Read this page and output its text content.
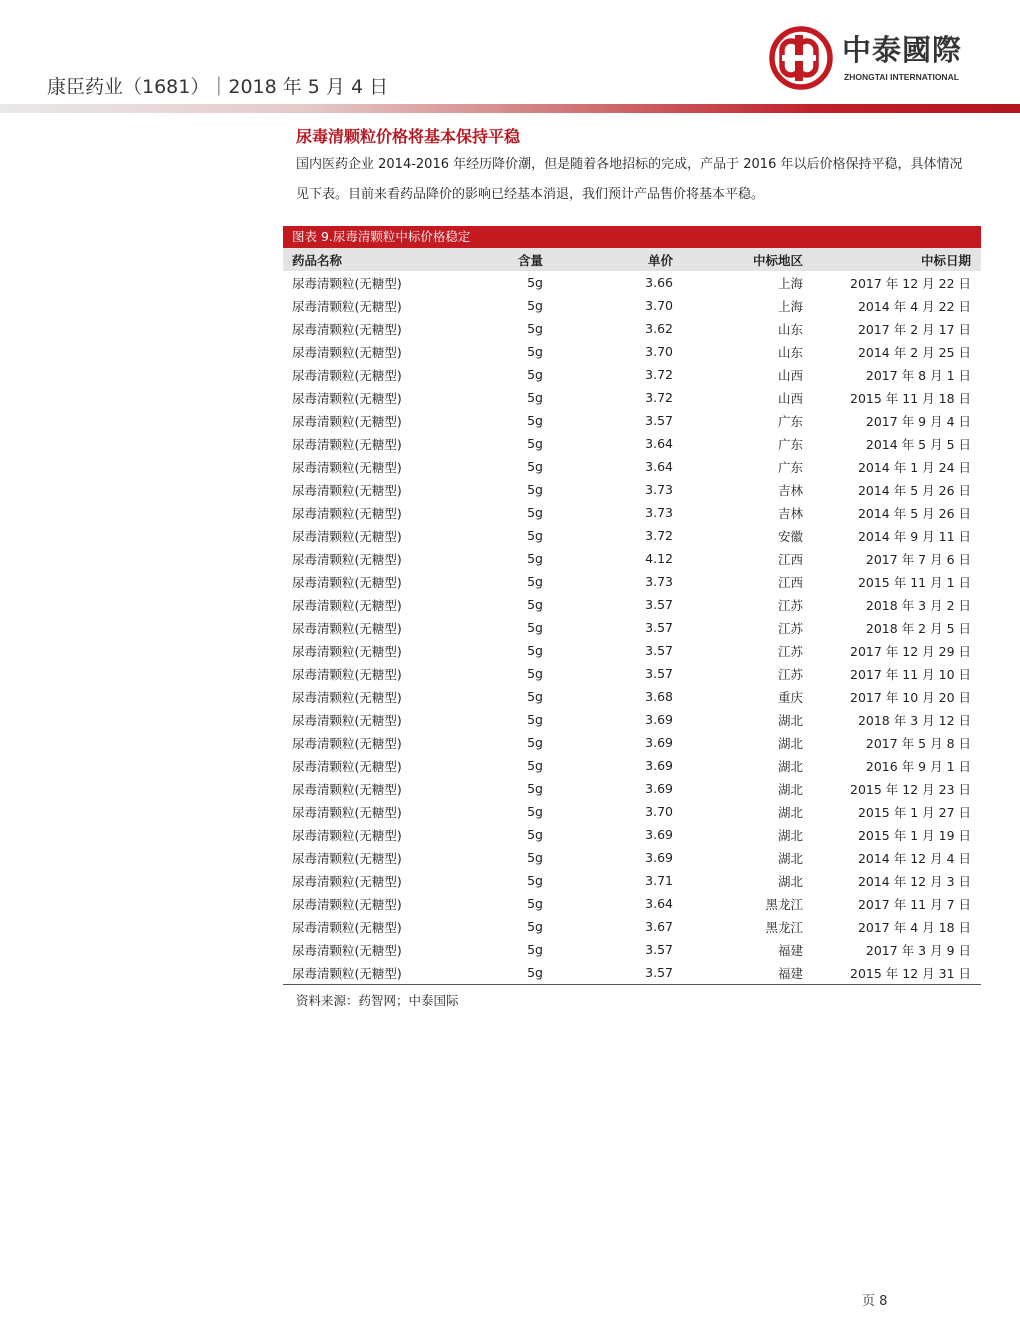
康臣药业（1681）｜2018 年 5 月 4 日
中泰國際
ZHONGTAI INTERNATIONAL
尿毒清颗粒价格将基本保持平稳
国内医药企业 2014-2016 年经历降价潮，但是随着各地招标的完成，产品于 2016 年以后价格保持平稳，具体情况见下表。目前来看药品降价的影响已经基本消退，我们预计产品售价将基本平稳。
图表 9.尿毒清颗粒中标价格稳定
药品名称	含量	单价	中标地区	中标日期
尿毒清颗粒(无糖型)	5g	3.66	上海	2017 年 12 月 22 日
尿毒清颗粒(无糖型)	5g	3.70	上海	2014 年 4 月 22 日
尿毒清颗粒(无糖型)	5g	3.62	山东	2017 年 2 月 17 日
尿毒清颗粒(无糖型)	5g	3.70	山东	2014 年 2 月 25 日
尿毒清颗粒(无糖型)	5g	3.72	山西	2017 年 8 月 1 日
尿毒清颗粒(无糖型)	5g	3.72	山西	2015 年 11 月 18 日
尿毒清颗粒(无糖型)	5g	3.57	广东	2017 年 9 月 4 日
尿毒清颗粒(无糖型)	5g	3.64	广东	2014 年 5 月 5 日
尿毒清颗粒(无糖型)	5g	3.64	广东	2014 年 1 月 24 日
尿毒清颗粒(无糖型)	5g	3.73	吉林	2014 年 5 月 26 日
尿毒清颗粒(无糖型)	5g	3.73	吉林	2014 年 5 月 26 日
尿毒清颗粒(无糖型)	5g	3.72	安徽	2014 年 9 月 11 日
尿毒清颗粒(无糖型)	5g	4.12	江西	2017 年 7 月 6 日
尿毒清颗粒(无糖型)	5g	3.73	江西	2015 年 11 月 1 日
尿毒清颗粒(无糖型)	5g	3.57	江苏	2018 年 3 月 2 日
尿毒清颗粒(无糖型)	5g	3.57	江苏	2018 年 2 月 5 日
尿毒清颗粒(无糖型)	5g	3.57	江苏	2017 年 12 月 29 日
尿毒清颗粒(无糖型)	5g	3.57	江苏	2017 年 11 月 10 日
尿毒清颗粒(无糖型)	5g	3.68	重庆	2017 年 10 月 20 日
尿毒清颗粒(无糖型)	5g	3.69	湖北	2018 年 3 月 12 日
尿毒清颗粒(无糖型)	5g	3.69	湖北	2017 年 5 月 8 日
尿毒清颗粒(无糖型)	5g	3.69	湖北	2016 年 9 月 1 日
尿毒清颗粒(无糖型)	5g	3.69	湖北	2015 年 12 月 23 日
尿毒清颗粒(无糖型)	5g	3.70	湖北	2015 年 1 月 27 日
尿毒清颗粒(无糖型)	5g	3.69	湖北	2015 年 1 月 19 日
尿毒清颗粒(无糖型)	5g	3.69	湖北	2014 年 12 月 4 日
尿毒清颗粒(无糖型)	5g	3.71	湖北	2014 年 12 月 3 日
尿毒清颗粒(无糖型)	5g	3.64	黑龙江	2017 年 11 月 7 日
尿毒清颗粒(无糖型)	5g	3.67	黑龙江	2017 年 4 月 18 日
尿毒清颗粒(无糖型)	5g	3.57	福建	2017 年 3 月 9 日
尿毒清颗粒(无糖型)	5g	3.57	福建	2015 年 12 月 31 日
资料来源：药智网；中泰国际
页 8
